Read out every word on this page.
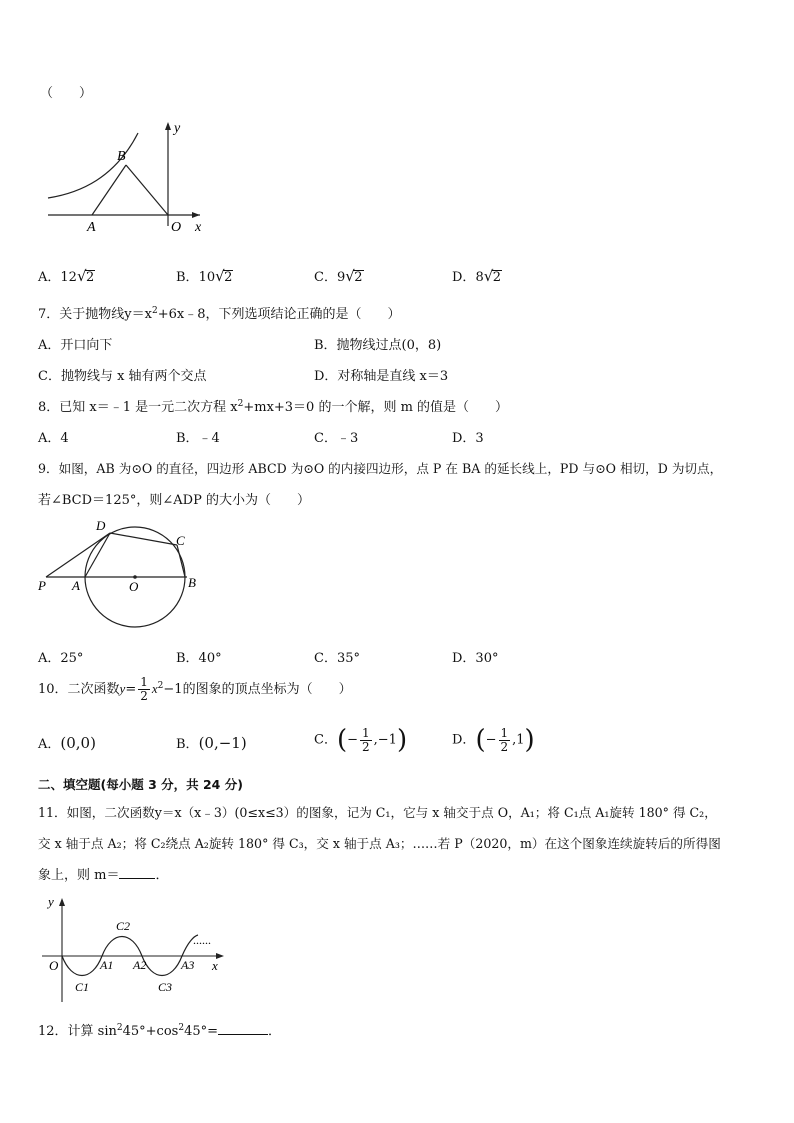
（　　）
B
A	O x
y
A．12 √ 2	B．10 √ 2	C．9 √ 2	D．8 √ 2
7．关于抛物线$y=x^2+6x﹣8$，下列选项结论正确的是（　　）
A．开口向下	B．抛物线过点(0，8)
C．抛物线与 x 轴有两个交点	D．对称轴是直线 x＝3
8．已知 x＝﹣1 是一元二次方程 $x^2+mx+3=0$ 的一个解，则 m 的值是（　　）
A．4	B．﹣4	C．﹣3	D．3
9．如图，AB 为⊙O 的直径，四边形 ABCD 为⊙O 的内接四边形，点 P 在 BA 的延长线上，PD 与⊙O 相切，D 为切点，
若∠BCD＝125°，则∠ADP 的大小为（　　）
D
C
P A	O	B
A．25°	B．40°	C．35°	D．30°
10．二次函数$y= \frac{1}{2} x^2-1$的图象的顶点坐标为（　　）
A．(0,0)	B．(0,−1)	C．(− $\frac{1}{2} ,-1$)	D．(− $\frac{1}{2} ,1$)
二、填空题(每小题 3 分，共 24 分)
11．如图，二次函数y＝x（x﹣3）(0≤x≤3）的图象，记为 C₁，它与 x 轴交于点 O，A₁；将 C₁点 A₁旋转 180° 得 C₂，
交 x 轴于点 A₂；将 C₂绕点 A₂旋转 180° 得 C₃，交 x 轴于点 A₃；……若 P（2020，m）在这个图象连续旋转后的所得图
象上，则 m＝	．
y
x
O	A1 A2	A3
C1
C2
C3
......
12．计算 $\sin^245^\circ+\cos^245^\circ=$	．
